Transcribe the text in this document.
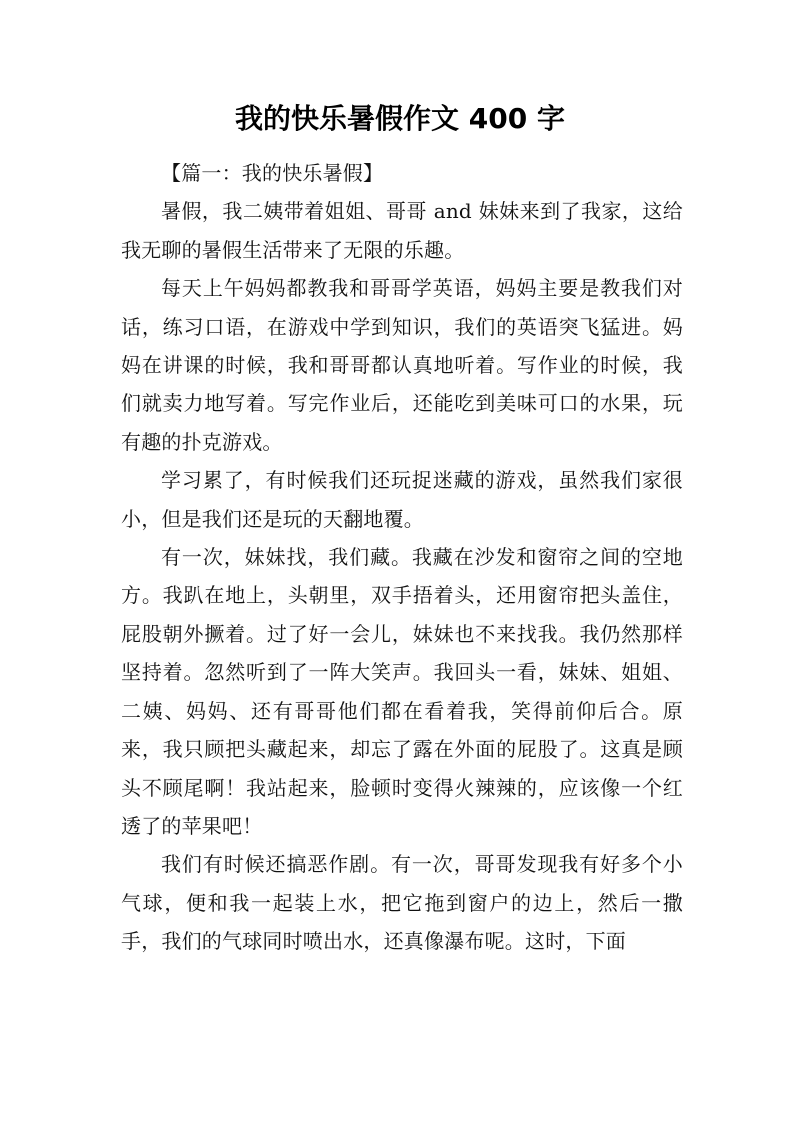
我的快乐暑假作文 400 字

【篇一：我的快乐暑假】

暑假，我二姨带着姐姐、哥哥 and 妹妹来到了我家，这给我无聊的暑假生活带来了无限的乐趣。

每天上午妈妈都教我和哥哥学英语，妈妈主要是教我们对话，练习口语，在游戏中学到知识，我们的英语突飞猛进。妈妈在讲课的时候，我和哥哥都认真地听着。写作业的时候，我们就卖力地写着。写完作业后，还能吃到美味可口的水果，玩有趣的扑克游戏。

学习累了，有时候我们还玩捉迷藏的游戏，虽然我们家很小，但是我们还是玩的天翻地覆。

有一次，妹妹找，我们藏。我藏在沙发和窗帘之间的空地方。我趴在地上，头朝里，双手捂着头，还用窗帘把头盖住，屁股朝外撅着。过了好一会儿，妹妹也不来找我。我仍然那样坚持着。忽然听到了一阵大笑声。我回头一看，妹妹、姐姐、二姨、妈妈、还有哥哥他们都在看着我，笑得前仰后合。原来，我只顾把头藏起来，却忘了露在外面的屁股了。这真是顾头不顾尾啊！我站起来，脸顿时变得火辣辣的，应该像一个红透了的苹果吧！

我们有时候还搞恶作剧。有一次，哥哥发现我有好多个小气球，便和我一起装上水，把它拖到窗户的边上，然后一撒手，我们的气球同时喷出水，还真像瀑布呢。这时，下面
